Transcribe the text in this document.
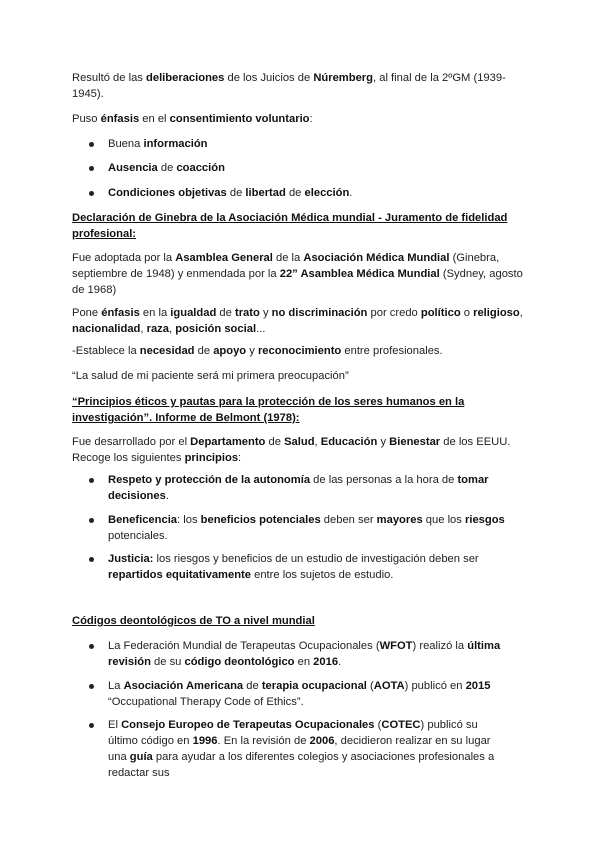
Resultó de las deliberaciones de los Juicios de Núremberg, al final de la 2ºGM (1939-1945).

Puso énfasis en el consentimiento voluntario:

Buena información

Ausencia de coacción

Condiciones objetivas de libertad de elección.

Declaración de Ginebra de la Asociación Médica mundial - Juramento de fidelidad profesional:

Fue adoptada por la Asamblea General de la Asociación Médica Mundial (Ginebra, septiembre de 1948) y enmendada por la 22” Asamblea Médica Mundial (Sydney, agosto de 1968)

Pone énfasis en la igualdad de trato y no discriminación por credo político o religioso, nacionalidad, raza, posición social...

-Establece la necesidad de apoyo y reconocimiento entre profesionales.

“La salud de mi paciente será mi primera preocupación”

“Principios éticos y pautas para la protección de los seres humanos en la investigación”. Informe de Belmont (1978):

Fue desarrollado por el Departamento de Salud, Educación y Bienestar de los EEUU. Recoge los siguientes principios:

Respeto y protección de la autonomía de las personas a la hora de tomar decisiones.

Beneficencia: los beneficios potenciales deben ser mayores que los riesgos potenciales.

Justicia: los riesgos y beneficios de un estudio de investigación deben ser repartidos equitativamente entre los sujetos de estudio.

Códigos deontológicos de TO a nivel mundial

La Federación Mundial de Terapeutas Ocupacionales (WFOT) realizó la última revisión de su código deontológico en 2016.

La Asociación Americana de terapia ocupacional (AOTA) publicó en 2015 “Occupational Therapy Code of Ethics”.

El Consejo Europeo de Terapeutas Ocupacionales (COTEC) publicó su último código en 1996. En la revisión de 2006, decidieron realizar en su lugar una guía para ayudar a los diferentes colegios y asociaciones profesionales a redactar sus
